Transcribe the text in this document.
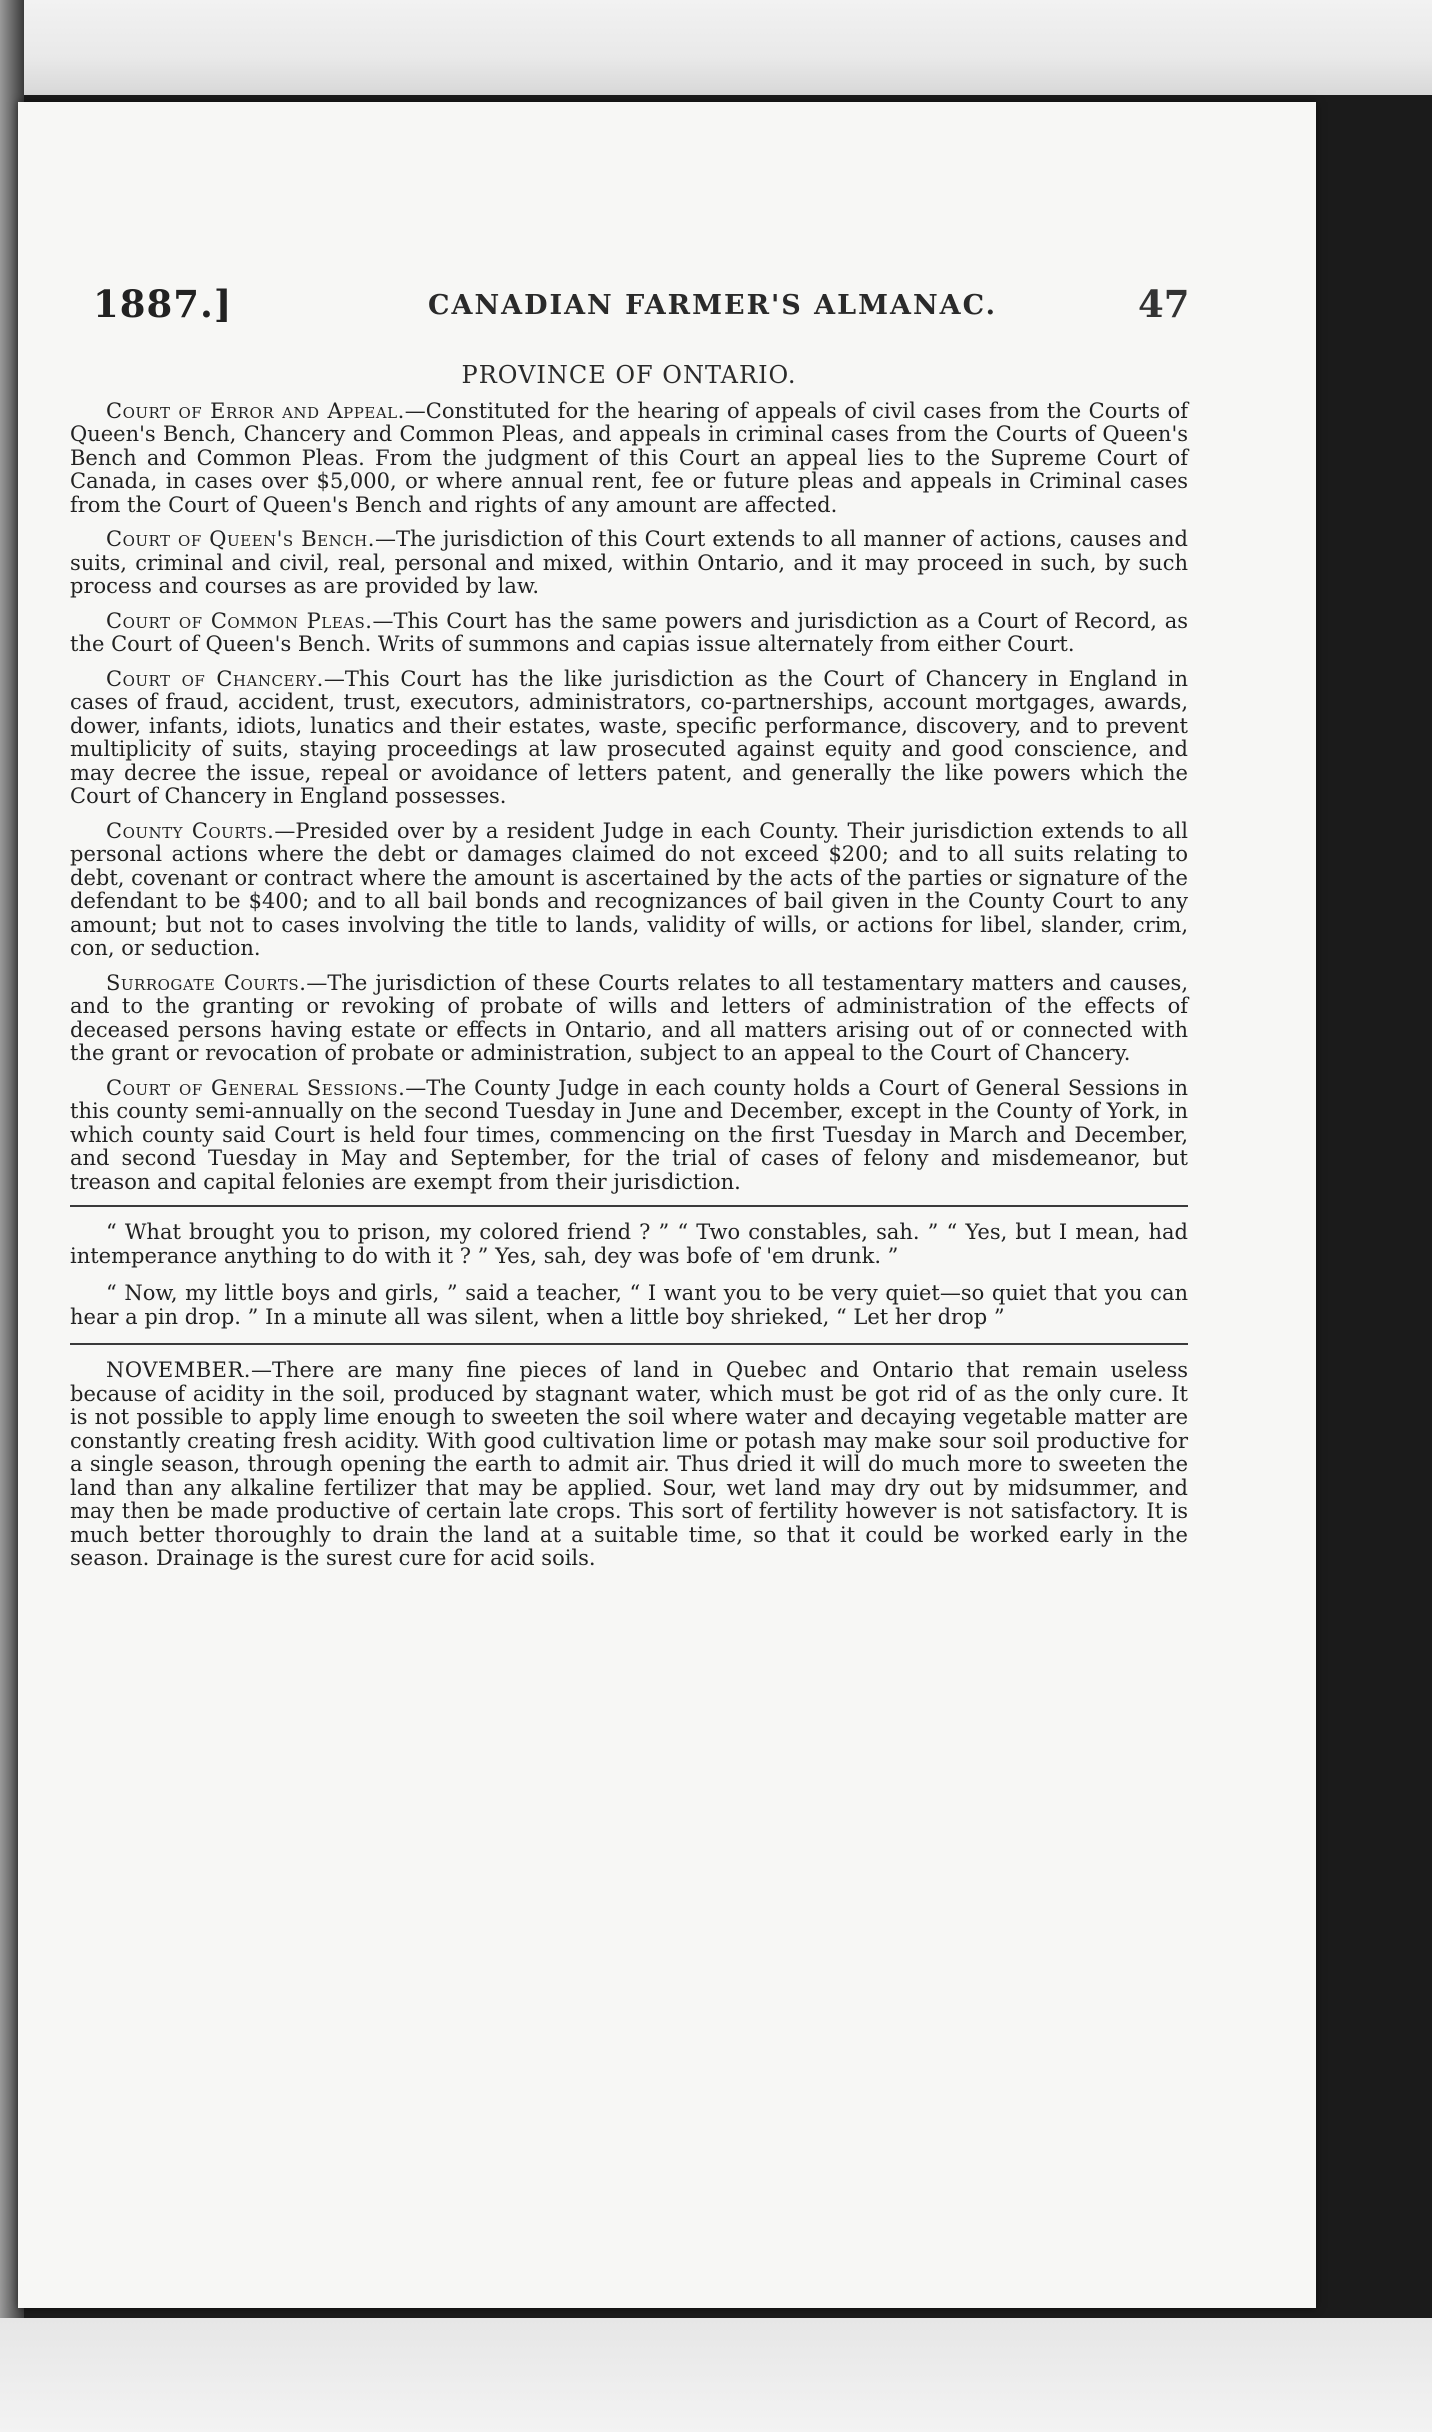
1887.]	CANADIAN FARMER'S ALMANAC.	47
PROVINCE OF ONTARIO.

Court of Error and Appeal.—Constituted for the hearing of appeals of civil cases from the Courts of Queen's Bench, Chancery and Common Pleas, and appeals in criminal cases from the Courts of Queen's Bench and Common Pleas. From the judgment of this Court an appeal lies to the Supreme Court of Canada, in cases over $5,000, or where annual rent, fee or future pleas and appeals in Criminal cases from the Court of Queen's Bench and rights of any amount are affected.

Court of Queen's Bench.—The jurisdiction of this Court extends to all manner of actions, causes and suits, criminal and civil, real, personal and mixed, within Ontario, and it may proceed in such, by such process and courses as are provided by law.

Court of Common Pleas.—This Court has the same powers and jurisdiction as a Court of Record, as the Court of Queen's Bench. Writs of summons and capias issue alternately from either Court.

Court of Chancery.—This Court has the like jurisdiction as the Court of Chancery in England in cases of fraud, accident, trust, executors, administrators, co-partnerships, account mortgages, awards, dower, infants, idiots, lunatics and their estates, waste, specific performance, discovery, and to prevent multiplicity of suits, staying proceedings at law prosecuted against equity and good conscience, and may decree the issue, repeal or avoidance of letters patent, and generally the like powers which the Court of Chancery in England possesses.

County Courts.—Presided over by a resident Judge in each County. Their jurisdiction extends to all personal actions where the debt or damages claimed do not exceed $200; and to all suits relating to debt, covenant or contract where the amount is ascertained by the acts of the parties or signature of the defendant to be $400; and to all bail bonds and recognizances of bail given in the County Court to any amount; but not to cases involving the title to lands, validity of wills, or actions for libel, slander, crim, con, or seduction.

Surrogate Courts.—The jurisdiction of these Courts relates to all testamentary matters and causes, and to the granting or revoking of probate of wills and letters of administration of the effects of deceased persons having estate or effects in Ontario, and all matters arising out of or connected with the grant or revocation of probate or administration, subject to an appeal to the Court of Chancery.

Court of General Sessions.—The County Judge in each county holds a Court of General Sessions in this county semi-annually on the second Tuesday in June and December, except in the County of York, in which county said Court is held four times, commencing on the first Tuesday in March and December, and second Tuesday in May and September, for the trial of cases of felony and misdemeanor, but treason and capital felonies are exempt from their jurisdiction.

“ What brought you to prison, my colored friend ? ” “ Two constables, sah. ” “ Yes, but I mean, had intemperance anything to do with it ? ” Yes, sah, dey was bofe of 'em drunk. ”

“ Now, my little boys and girls, ” said a teacher, “ I want you to be very quiet—so quiet that you can hear a pin drop. ” In a minute all was silent, when a little boy shrieked, “ Let her drop ”

NOVEMBER.—There are many fine pieces of land in Quebec and Ontario that remain useless because of acidity in the soil, produced by stagnant water, which must be got rid of as the only cure. It is not possible to apply lime enough to sweeten the soil where water and decaying vegetable matter are constantly creating fresh acidity. With good cultivation lime or potash may make sour soil productive for a single season, through opening the earth to admit air. Thus dried it will do much more to sweeten the land than any alkaline fertilizer that may be applied. Sour, wet land may dry out by midsummer, and may then be made productive of certain late crops. This sort of fertility however is not satisfactory. It is much better thoroughly to drain the land at a suitable time, so that it could be worked early in the season. Drainage is the surest cure for acid soils.
